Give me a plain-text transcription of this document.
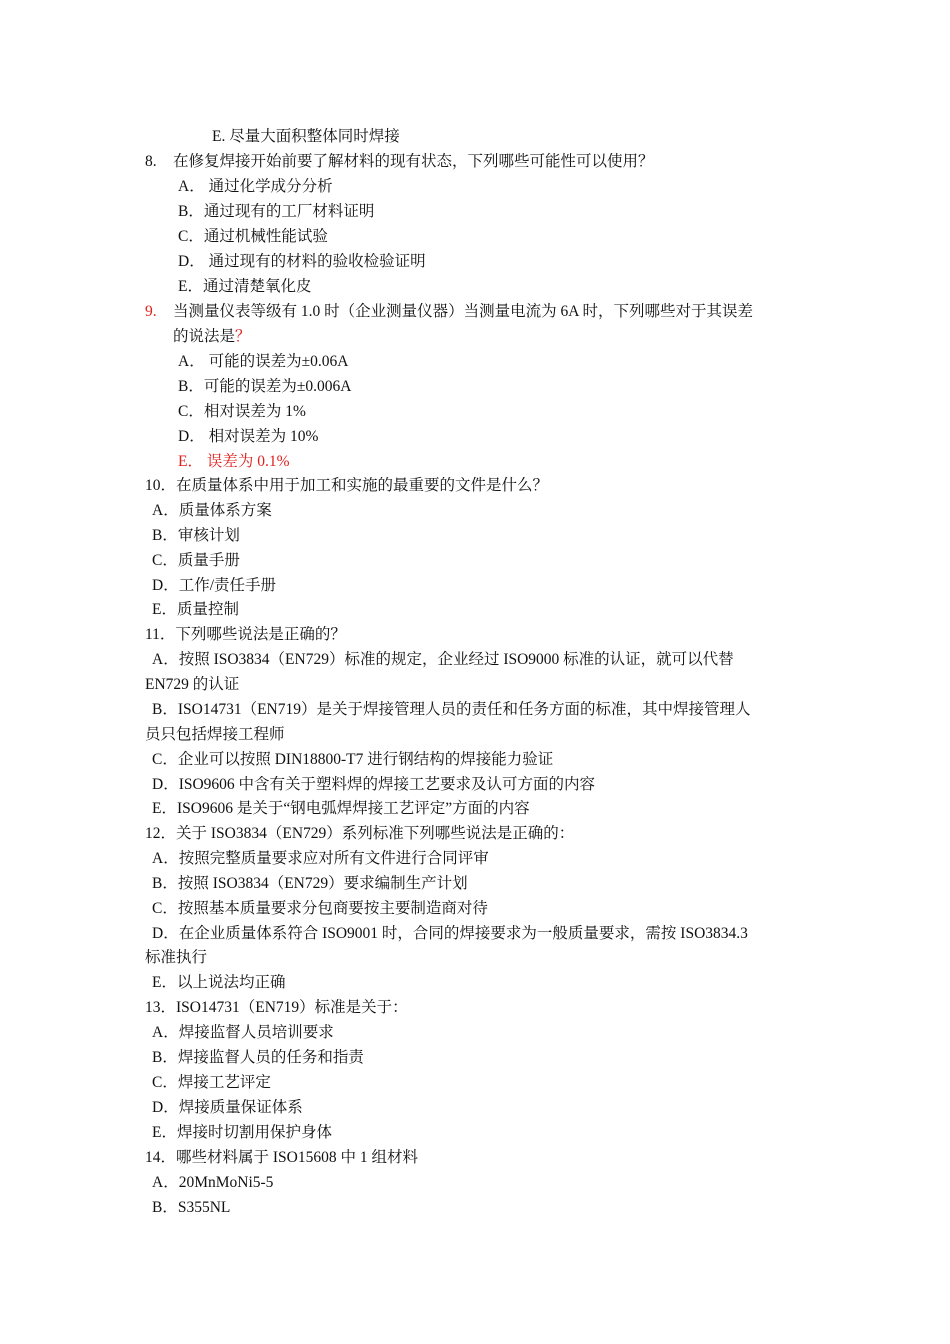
E. 尽量大面积整体同时焊接
8. 在修复焊接开始前要了解材料的现有状态，下列哪些可能性可以使用？
A． 通过化学成分分析
B．通过现有的工厂材料证明
C．通过机械性能试验
D． 通过现有的材料的验收检验证明
E．通过清楚氧化皮
9. 当测量仪表等级有 1.0 时（企业测量仪器）当测量电流为 6A 时，下列哪些对于其误差
的说法是？
A． 可能的误差为±0.06A
B．可能的误差为±0.006A
C．相对误差为 1%
D． 相对误差为 10%
E． 误差为 0.1%
10．在质量体系中用于加工和实施的最重要的文件是什么？
A．质量体系方案
B．审核计划
C．质量手册
D．工作/责任手册
E．质量控制
11．下列哪些说法是正确的？
A．按照 ISO3834（EN729）标准的规定，企业经过 ISO9000 标准的认证，就可以代替
EN729 的认证
B．ISO14731（EN719）是关于焊接管理人员的责任和任务方面的标准，其中焊接管理人
员只包括焊接工程师
C．企业可以按照 DIN18800-T7 进行钢结构的焊接能力验证
D．ISO9606 中含有关于塑料焊的焊接工艺要求及认可方面的内容
E．ISO9606 是关于“钢电弧焊焊接工艺评定”方面的内容
12．关于 ISO3834（EN729）系列标准下列哪些说法是正确的：
A．按照完整质量要求应对所有文件进行合同评审
B．按照 ISO3834（EN729）要求编制生产计划
C．按照基本质量要求分包商要按主要制造商对待
D．在企业质量体系符合 ISO9001 时，合同的焊接要求为一般质量要求，需按 ISO3834.3
标准执行
E．以上说法均正确
13．ISO14731（EN719）标准是关于：
A．焊接监督人员培训要求
B．焊接监督人员的任务和指责
C．焊接工艺评定
D．焊接质量保证体系
E．焊接时切割用保护身体
14．哪些材料属于 ISO15608 中 1 组材料
A．20MnMoNi5-5
B．S355NL
